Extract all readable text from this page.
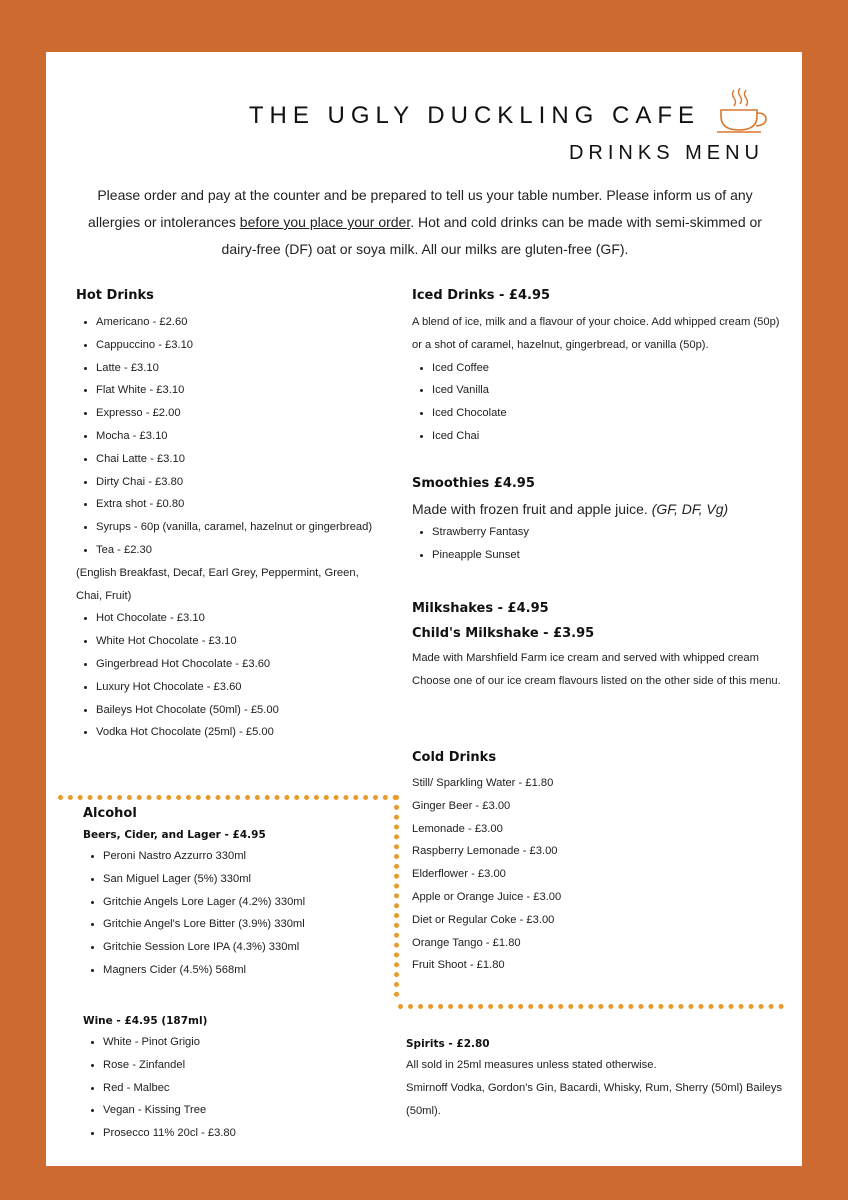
THE UGLY DUCKLING CAFE
DRINKS MENU
Please order and pay at the counter and be prepared to tell us your table number. Please inform us of any allergies or intolerances before you place your order. Hot and cold drinks can be made with semi-skimmed or dairy-free (DF) oat or soya milk. All our milks are gluten-free (GF).
Hot Drinks
• Americano - £2.60
• Cappuccino - £3.10
• Latte - £3.10
• Flat White - £3.10
• Expresso - £2.00
• Mocha - £3.10
• Chai Latte - £3.10
• Dirty Chai - £3.80
• Extra shot - £0.80
• Syrups - 60p (vanilla, caramel, hazelnut or gingerbread)
• Tea - £2.30
(English Breakfast, Decaf, Earl Grey, Peppermint, Green, Chai, Fruit)
• Hot Chocolate - £3.10
• White Hot Chocolate - £3.10
• Gingerbread Hot Chocolate - £3.60
• Luxury Hot Chocolate - £3.60
• Baileys Hot Chocolate (50ml) - £5.00
• Vodka Hot Chocolate (25ml) - £5.00
Iced Drinks - £4.95
A blend of ice, milk and a flavour of your choice. Add whipped cream (50p) or a shot of caramel, hazelnut, gingerbread, or vanilla (50p).
• Iced Coffee
• Iced Vanilla
• Iced Chocolate
• Iced Chai
Smoothies £4.95
Made with frozen fruit and apple juice. (GF, DF, Vg)
• Strawberry Fantasy
• Pineapple Sunset
Milkshakes - £4.95
Child's Milkshake - £3.95
Made with Marshfield Farm ice cream and served with whipped cream Choose one of our ice cream flavours listed on the other side of this menu.
Cold Drinks
Still/ Sparkling Water - £1.80
Ginger Beer - £3.00
Lemonade - £3.00
Raspberry Lemonade - £3.00
Elderflower - £3.00
Apple or Orange Juice - £3.00
Diet or Regular Coke - £3.00
Orange Tango - £1.80
Fruit Shoot - £1.80
Alcohol
Beers, Cider, and Lager - £4.95
• Peroni Nastro Azzurro 330ml
• San Miguel Lager (5%) 330ml
• Gritchie Angels Lore Lager (4.2%) 330ml
• Gritchie Angel's Lore Bitter (3.9%) 330ml
• Gritchie Session Lore IPA (4.3%) 330ml
• Magners Cider (4.5%) 568ml
Wine - £4.95 (187ml)
• White - Pinot Grigio
• Rose - Zinfandel
• Red - Malbec
• Vegan - Kissing Tree
• Prosecco 11% 20cl - £3.80
Spirits - £2.80
All sold in 25ml measures unless stated otherwise.
Smirnoff Vodka, Gordon's Gin, Bacardi, Whisky, Rum, Sherry (50ml) Baileys (50ml).
